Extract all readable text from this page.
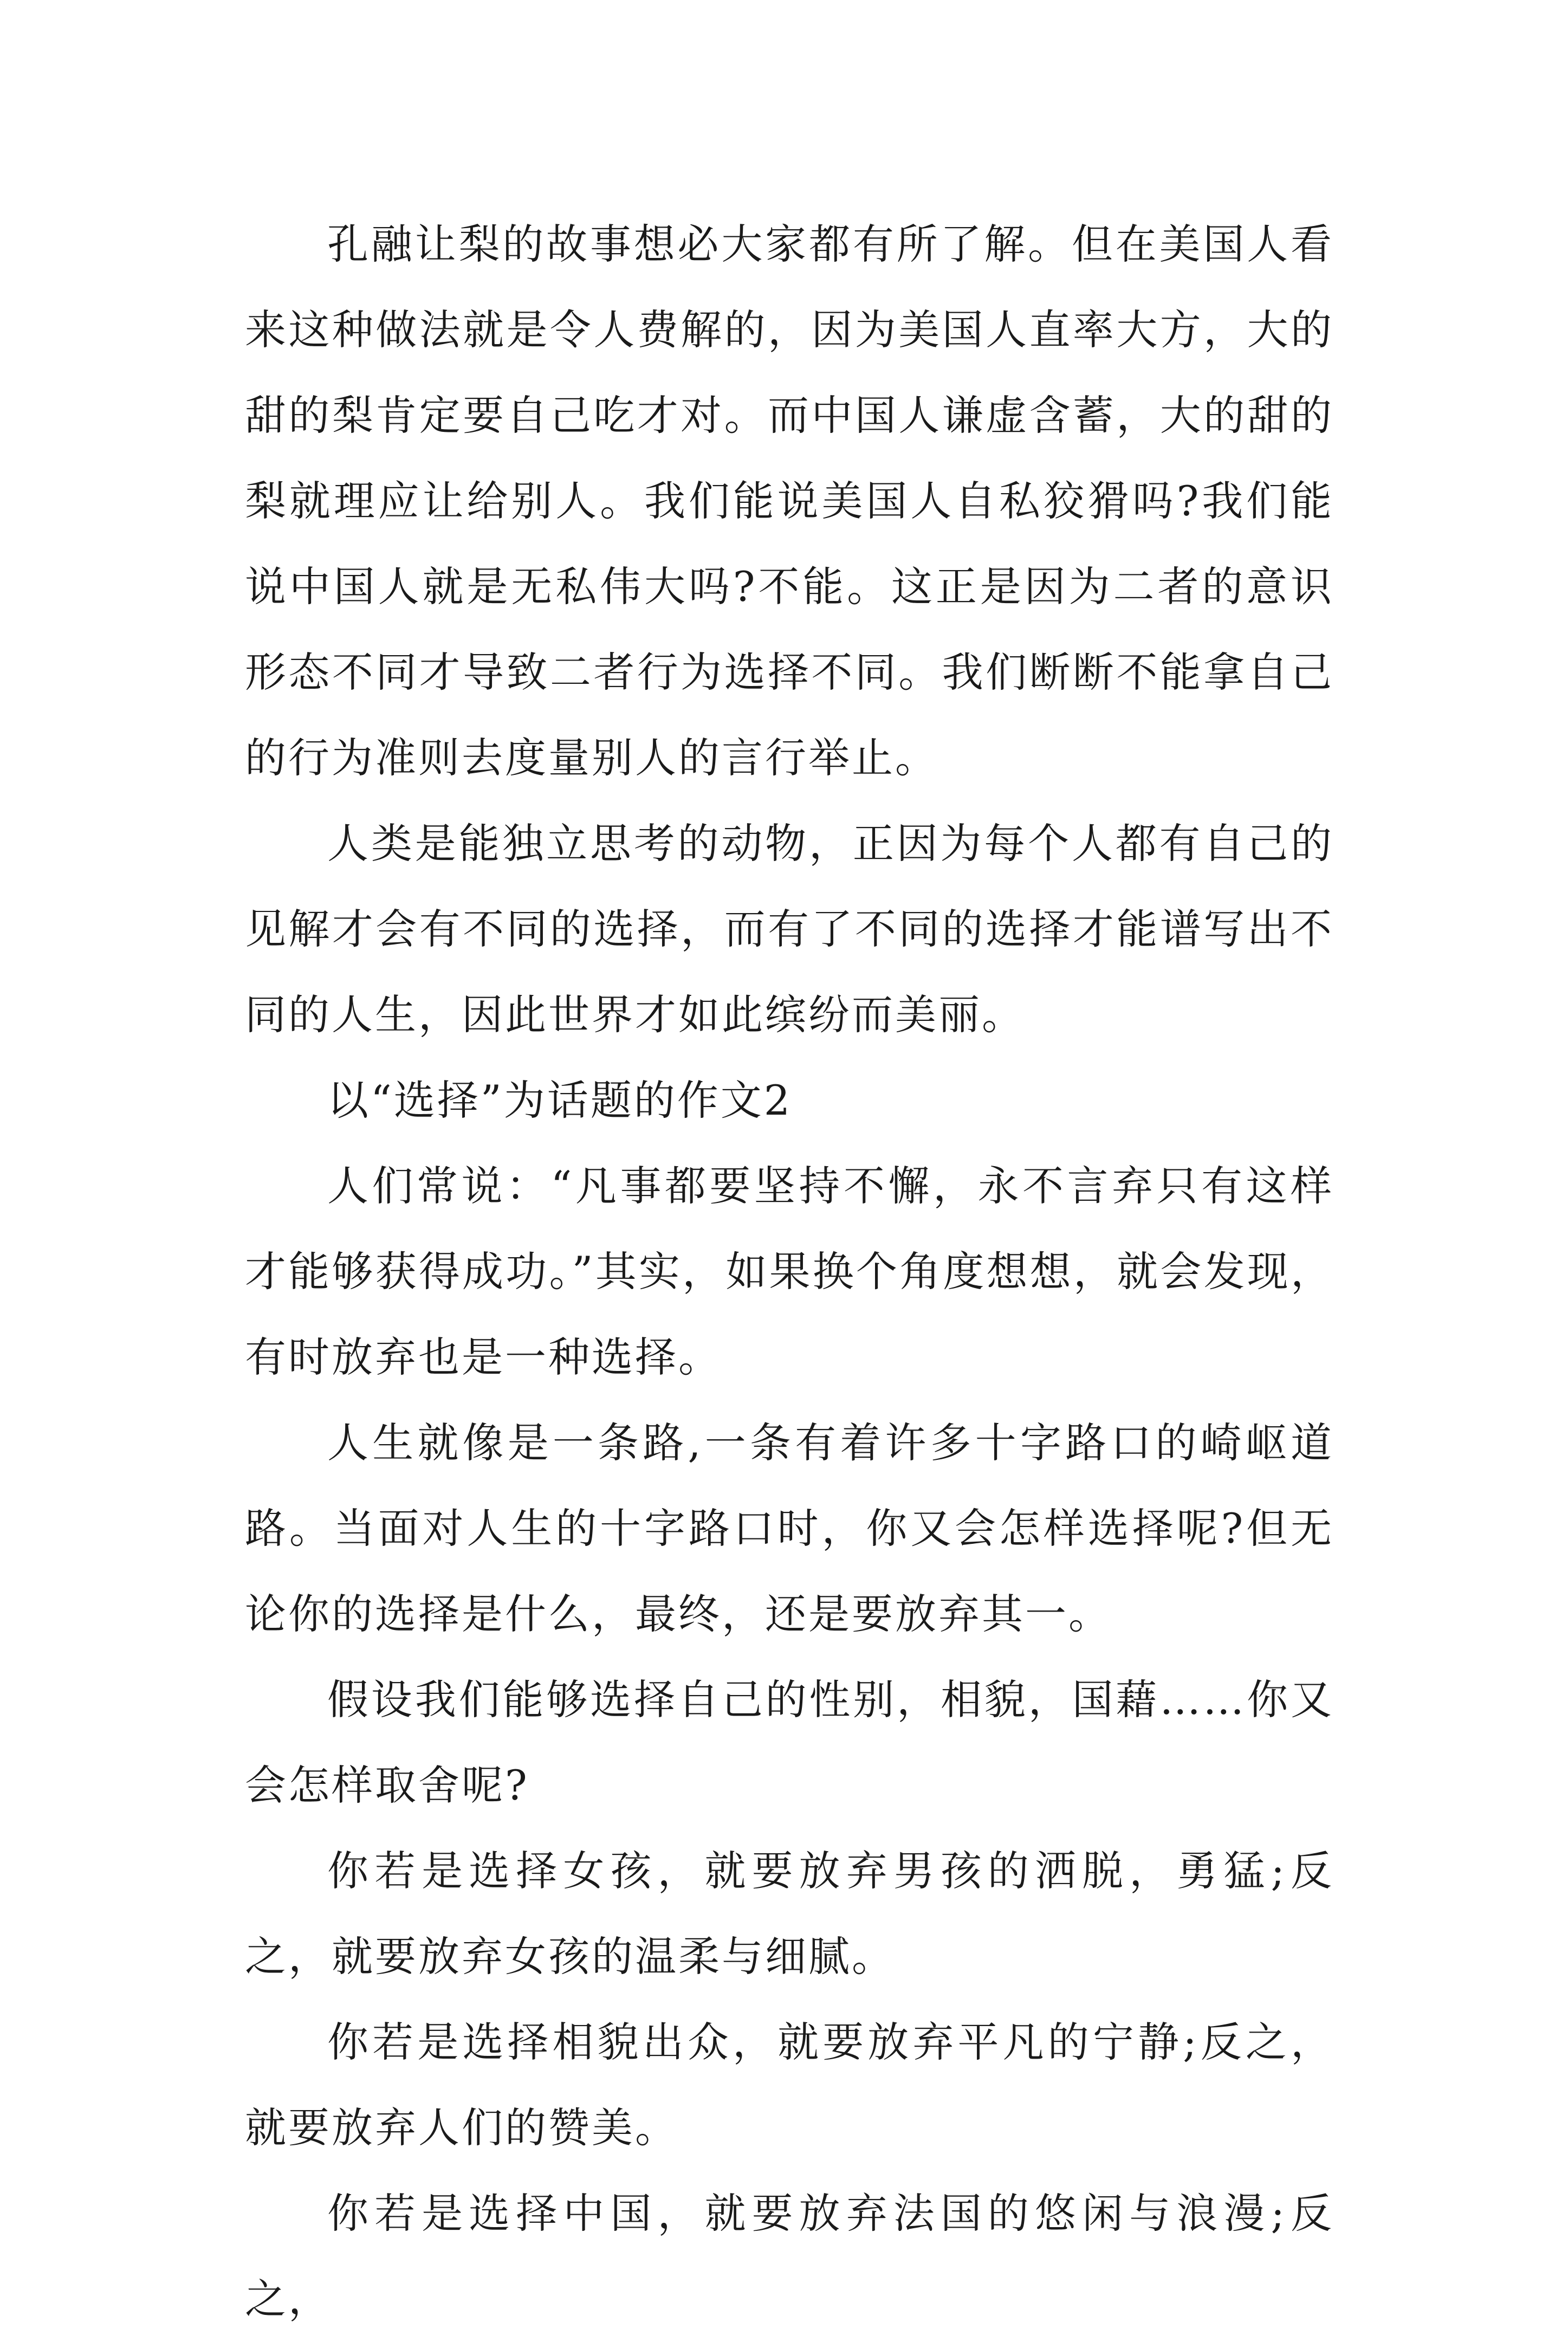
孔融让梨的故事想必大家都有所了解。但在美国人看来这种做法就是令人费解的，因为美国人直率大方，大的甜的梨肯定要自己吃才对。而中国人谦虚含蓄，大的甜的梨就理应让给别人。我们能说美国人自私狡猾吗?我们能说中国人就是无私伟大吗?不能。这正是因为二者的意识形态不同才导致二者行为选择不同。我们断断不能拿自己的行为准则去度量别人的言行举止。

人类是能独立思考的动物，正因为每个人都有自己的见解才会有不同的选择，而有了不同的选择才能谱写出不同的人生，因此世界才如此缤纷而美丽。

以“选择”为话题的作文2

人们常说：“凡事都要坚持不懈，永不言弃只有这样才能够获得成功。”其实，如果换个角度想想，就会发现，有时放弃也是一种选择。

人生就像是一条路,一条有着许多十字路口的崎岖道路。当面对人生的十字路口时，你又会怎样选择呢?但无论你的选择是什么，最终，还是要放弃其一。

假设我们能够选择自己的性别，相貌，国藉……你又会怎样取舍呢?

你若是选择女孩，就要放弃男孩的洒脱，勇猛;反之，就要放弃女孩的温柔与细腻。

你若是选择相貌出众，就要放弃平凡的宁静;反之，就要放弃人们的赞美。

你若是选择中国，就要放弃法国的悠闲与浪漫;反之，
